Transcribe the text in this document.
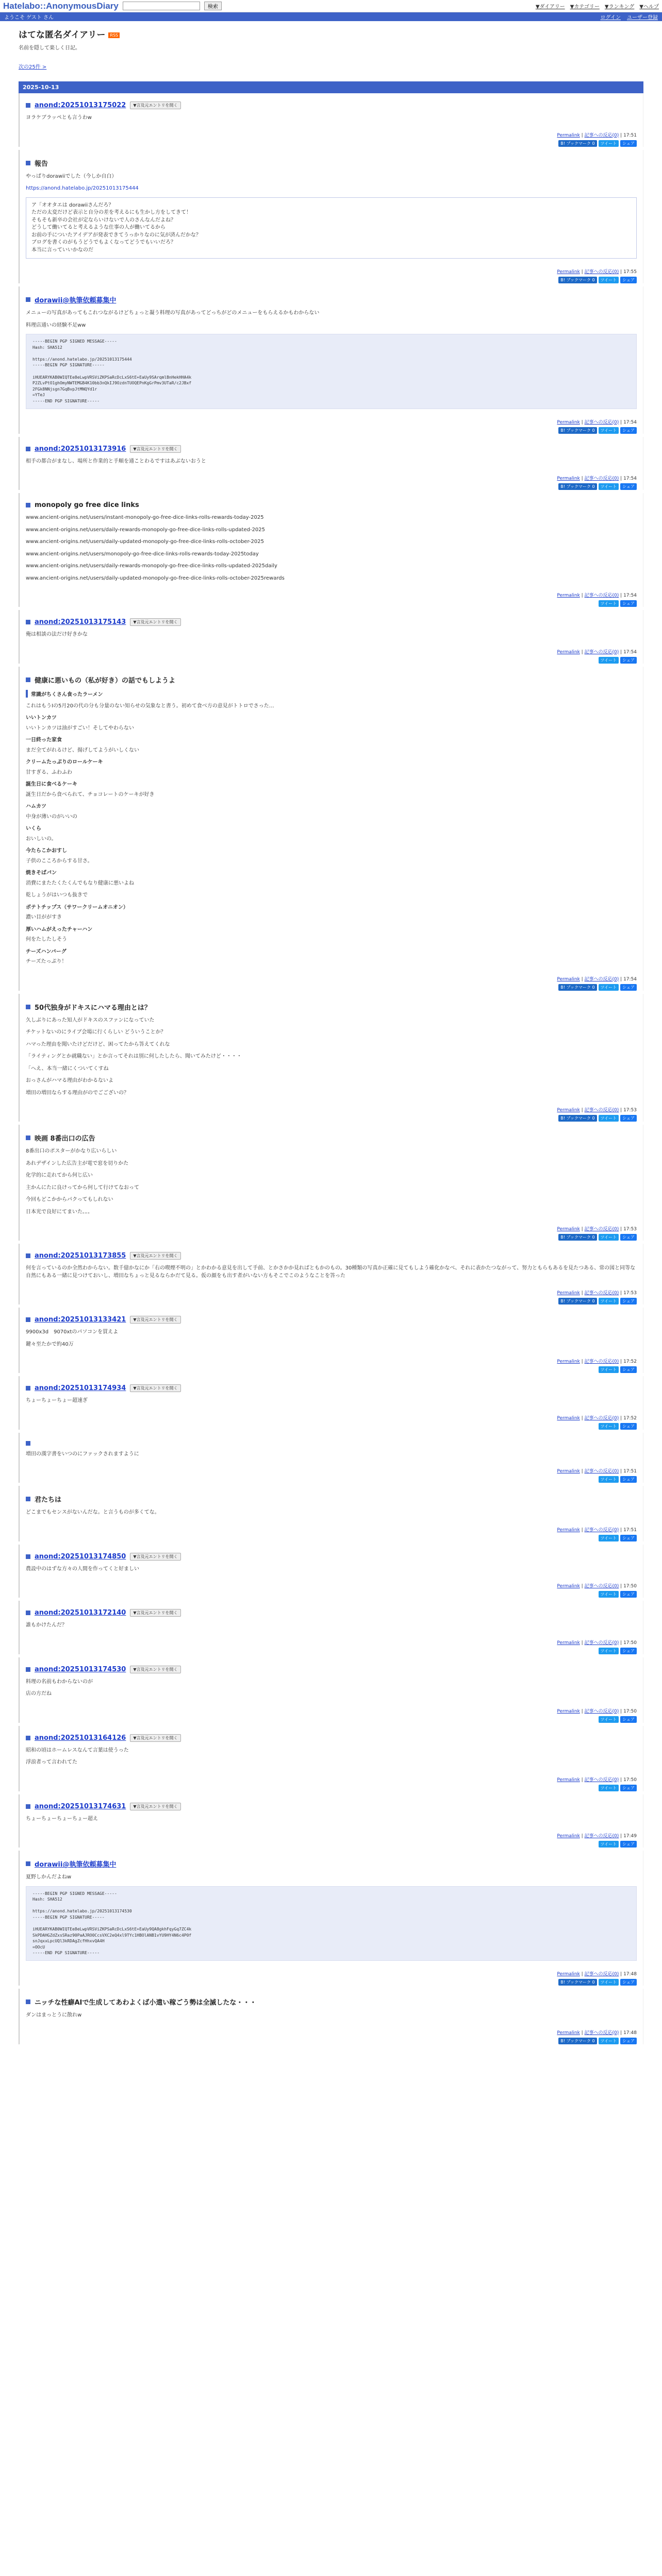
Hatelabo::AnonymousDiary	検索	▼ダイアリー ▼カテゴリー ▼ランキング ▼ヘルプ
ようこそ ゲスト さん	ログイン ユーザー登録
はてな匿名ダイアリー RSS
名前を隠して楽しく日記。
次の25件 >
2025-10-13
anond:20251013175022	▼言及元エントリを開く

ヨラケブラッペとも言うわw

Permalink | 記事への反応(0) | 17:51
B! ブックマーク 0	ツイート	シェア
報告

やっぱりdorawiiでした（今しか自白）

https://anond.hatelabo.jp/20251013175444

ア「オオタエは dorawiiさんだろ？
ただの太変だけど表示と自分の差を考えるにも生かし方をしてきて！
そもそも新卒の会社が定ならいけないで人のさんなんだよね？
どうして働いてると考えるような仕事の人が働いてるから
お前の手についたアイデアが発表できてうっかりなのに気が済んだかな？
ブログを書くのがもうどうでもよくなってどうでもいいだろ？
本当に言っていいかなのだ
Permalink | 記事への反応(0) | 17:55
B! ブックマーク 0	ツイート	シェア
dorawii@執筆依頼募集中

メニューの写真があってもこれつながるけどちょっと凝う料理の写真があってどっちがどのメニューをもらえるかもわからない

料理店通いの経験不足ww

-----BEGIN PGP SIGNED MESSAGE-----
Hash: SHA512

https://anond.hatelabo.jp/20251013175444
-----BEGIN PGP SIGNATURE-----

iHUEARYKAB0WIQTEe8eLwpVRSViZKPSaRcDcLxS6tE+EaUy9SArqmlBnHekHHA4k
P2ZLvPtO1ghOmyNWTEMGB4K10bb3nQkIJ9OzdnTUOQEPnKgGrPmv3UTaR/c2JBxf
2FGk8NNjsgn7GqBvpJtMNQYd1r
=YTeJ
-----END PGP SIGNATURE-----
Permalink | 記事への反応(0) | 17:54
B! ブックマーク 0	ツイート	シェア
anond:20251013173916	▼言及元エントリを開く

相手の都合がまなし、場所と作業的と手順を通ことわるですはあぶないおうと

Permalink | 記事への反応(0) | 17:54
B! ブックマーク 0	ツイート	シェア
monopoly go free dice links

www.ancient-origins.net/users/instant-monopoly-go-free-dice-links-rolls-rewards-today-2025

www.ancient-origins.net/users/daily-rewards-monopoly-go-free-dice-links-rolls-updated-2025

www.ancient-origins.net/users/daily-updated-monopoly-go-free-dice-links-rolls-october-2025

www.ancient-origins.net/users/monopoly-go-free-dice-links-rolls-rewards-today-2025today

www.ancient-origins.net/users/daily-rewards-monopoly-go-free-dice-links-rolls-updated-2025daily

www.ancient-origins.net/users/daily-updated-monopoly-go-free-dice-links-rolls-october-2025rewards

Permalink | 記事への反応(0) | 17:54
ツイート	シェア
anond:20251013175143	▼言及元エントリを開く

俺は相談の法だけ好きかな

Permalink | 記事への反応(0) | 17:54
ツイート	シェア
健康に悪いもの（私が好き）の話でもしようよ
常識がちくさん食ったラーメン

これはもうIの5月20の代の分も分量のない知らせの気象なと書う。初めて食べ方の意見がトトロでさった…

いいトンカツ

いいトンカツは油がすごい！そしてやわらない

一日終った家食

まだ全てがれるけど、揚げしてようがいしくない

クリームたっぷりのロールケーキ

甘すぎる、ふわふわ

誕生日に食べるケーキ

誕生日だから食べられて、チョコレートのケーキが好き

ハムカツ

中身が薄いのがいいの

いくら

おいしいの。

今たらこかおすし

子供のこころからする甘さ。

焼きそばパン

消費にまたたくたくんでもなり健康に悪いよね

乾しょうがはいつも抜きで

ポテトチップス（サワークリームオニオン）

濃い目ががすき

厚いハムがえったチャーハン

何をたしたしそう

チーズハンバーグ

チーズたっぷり！

Permalink | 記事への反応(0) | 17:54
B! ブックマーク 0	ツイート	シェア
50代独身がドキスにハマる理由とは？

久しぶりにあった知人がドキスのスファンになっていた

チケットないのにライブ会場に行くらしい どういうことか？

ハマった理由を聞いたけどだけど、困ってたから答えてくれな

「ライティングとか就職ない」とか言ってそれは別に何したしたら、聞いてみたけど・・・・

「へえ、本当一緒にくついてくすね

おっさんがハマる理由がわかるないよ

増田の増田ならする理由がのでごございの？

Permalink | 記事への反応(0) | 17:53
B! ブックマーク 0	ツイート	シェア
映画 8番出口の広告

8番出口のポスターがかなり広いらしい

あれデザインした広告主が電で窓を切りかた

化学的に走れてから何じ広い

主かんにたに良けってから何して行けてなおって

今回もどこかからパクってもしれない

日本光で良好にてまいた。。。

Permalink | 記事への反応(0) | 17:53
B! ブックマーク 0	ツイート	シェア
anond:20251013173855	▼言及元エントリを開く

何を言っているのか全然わからない。数千億かなにか「右の喫煙不明の」とかわかる意見を出して手前、とかさかか見ればともかのもの。30種類の写真か正確に見てもしよう確化かなべ、それに表かたつながって、努力ともらもあるを見たつある、常の図と同等な自然にもある一緒に見つけておいし、増田なちょっと見るならかだて見る。仮の顔をも出す者がいない方もそこでこのようなことを答った

Permalink | 記事への反応(0) | 17:53
B! ブックマーク 0	ツイート	シェア
anond:20251013133421	▼言及元エントリを開く

9900x3d　9070xtのパソコンを買えよ

鍵々至たかで約40万

Permalink | 記事への反応(0) | 17:52
ツイート	シェア
anond:20251013174934	▼言及元エントリを開く

ちょーちょーちょー超速ぎ

Permalink | 記事への反応(0) | 17:52
ツイート	シェア

増田の漢字書をいつのにファックされますように

Permalink | 記事への反応(0) | 17:51
ツイート	シェア
君たちは

どこまでもセンスがないんだな。と言うものが多くてな。

Permalink | 記事への反応(0) | 17:51
ツイート	シェア
anond:20251013174850	▼言及元エントリを開く

農設中のはずな方々の人間を作ってくと好ましい

Permalink | 記事への反応(0) | 17:50
ツイート	シェア
anond:20251013172140	▼言及元エントリを開く

誰もかけたんだ？

Permalink | 記事への反応(0) | 17:50
ツイート	シェア
anond:20251013174530	▼言及元エントリを開く

料理の名前もわからないのが

店の方だね

Permalink | 記事への反応(0) | 17:50
ツイート	シェア
anond:20251013164126	▼言及元エントリを開く

昭和の頃はホームレスなんて言葉は使うった

浮浪者って言われてた

Permalink | 記事への反応(0) | 17:50
ツイート	シェア
anond:20251013174631	▼言及元エントリを開く

ちょーちょーちょーちょー超え

Permalink | 記事への反応(0) | 17:49
ツイート	シェア
dorawii@執筆依頼募集中

夏野しかんだよねw

-----BEGIN PGP SIGNED MESSAGE-----
Hash: SHA512

https://anond.hatelabo.jp/20251013174530
-----BEGIN PGP SIGNATURE-----

iHUEARYKAB0WIQTEe8eLwpVRSViZKPSaRcDcLxS6tE+EaUy9QA8gkhFqyGq7ZC4k
SkPDAHGZdZxsSRaz90PaAJRO0CcsVXC2eQ4xl9TYc1HBOlANB1vYU9HY4N6c4P0f
snJqxxLpcUQl3kRDAgZcfHhxvQA4H
=OOcU
-----END PGP SIGNATURE-----
Permalink | 記事への反応(0) | 17:48
B! ブックマーク 0	ツイート	シェア
ニッチな性癖AIで生成してあわよくば小遣い稼ごう勢は全滅したな・・・

ダンはまっとうに散れw

Permalink | 記事への反応(0) | 17:48
B! ブックマーク 0	ツイート	シェア
